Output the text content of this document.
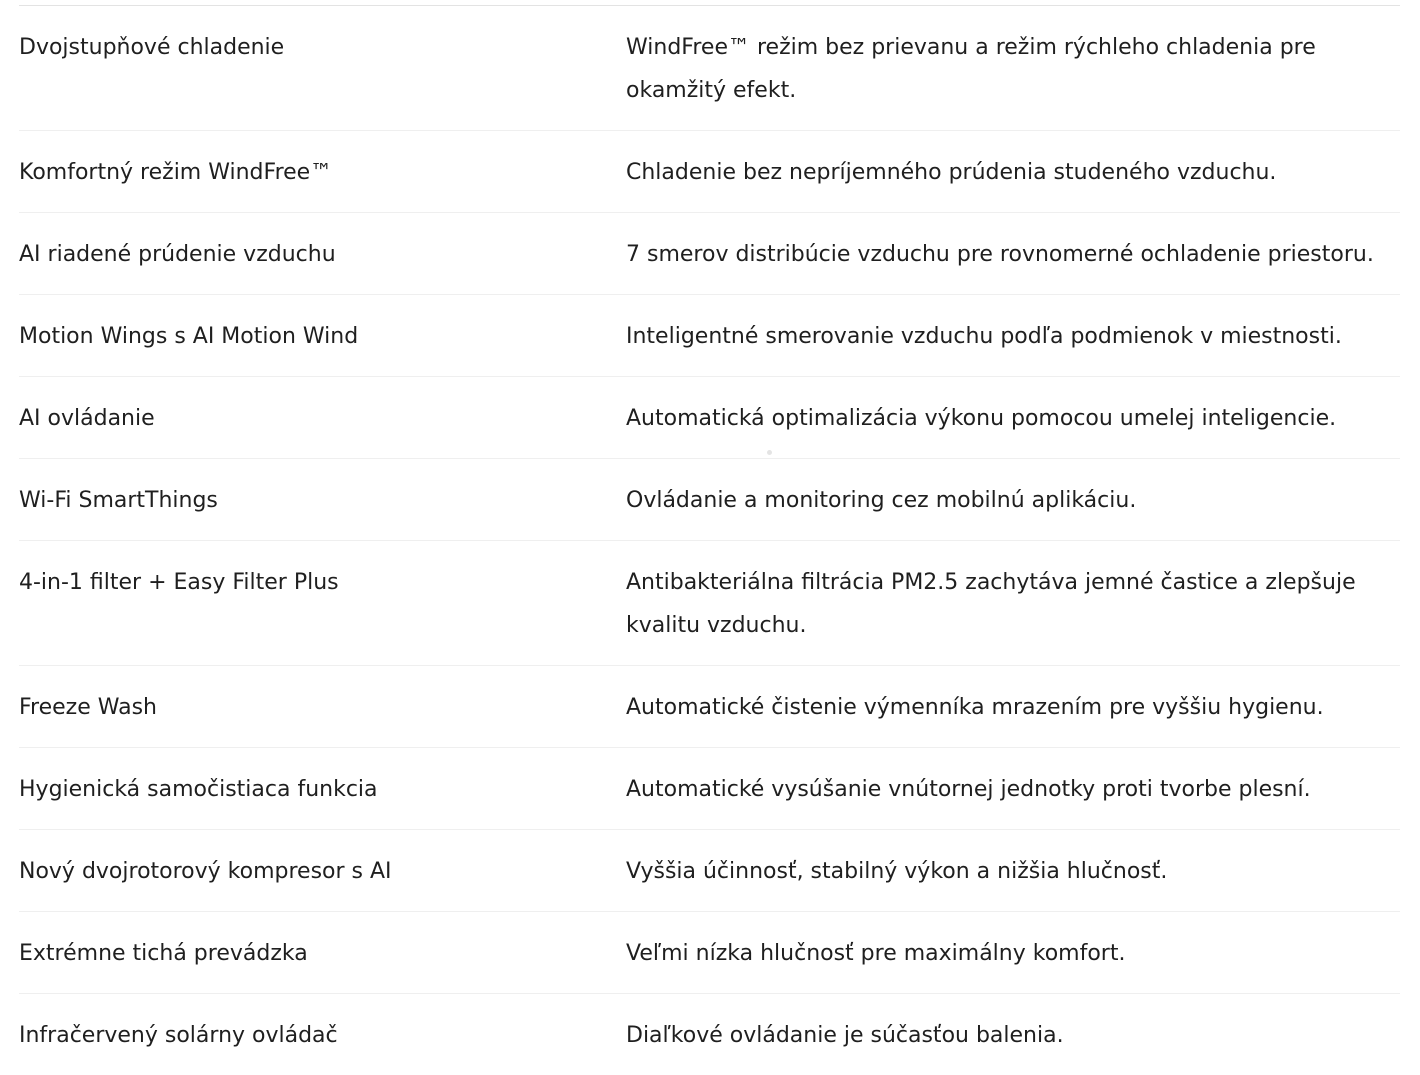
Dvojstupňové chladenie	WindFree™ režim bez prievanu a režim rýchleho chladenia pre okamžitý efekt.
Komfortný režim WindFree™	Chladenie bez nepríjemného prúdenia studeného vzduchu.
AI riadené prúdenie vzduchu	7 smerov distribúcie vzduchu pre rovnomerné ochladenie priestoru.
Motion Wings s AI Motion Wind	Inteligentné smerovanie vzduchu podľa podmienok v miestnosti.
AI ovládanie	Automatická optimalizácia výkonu pomocou umelej inteligencie.
Wi-Fi SmartThings	Ovládanie a monitoring cez mobilnú aplikáciu.
4-in-1 filter + Easy Filter Plus	Antibakteriálna filtrácia PM2.5 zachytáva jemné častice a zlepšuje kvalitu vzduchu.
Freeze Wash	Automatické čistenie výmenníka mrazením pre vyššiu hygienu.
Hygienická samočistiaca funkcia	Automatické vysúšanie vnútornej jednotky proti tvorbe plesní.
Nový dvojrotorový kompresor s AI	Vyššia účinnosť, stabilný výkon a nižšia hlučnosť.
Extrémne tichá prevádzka	Veľmi nízka hlučnosť pre maximálny komfort.
Infračervený solárny ovládač	Diaľkové ovládanie je súčasťou balenia.
